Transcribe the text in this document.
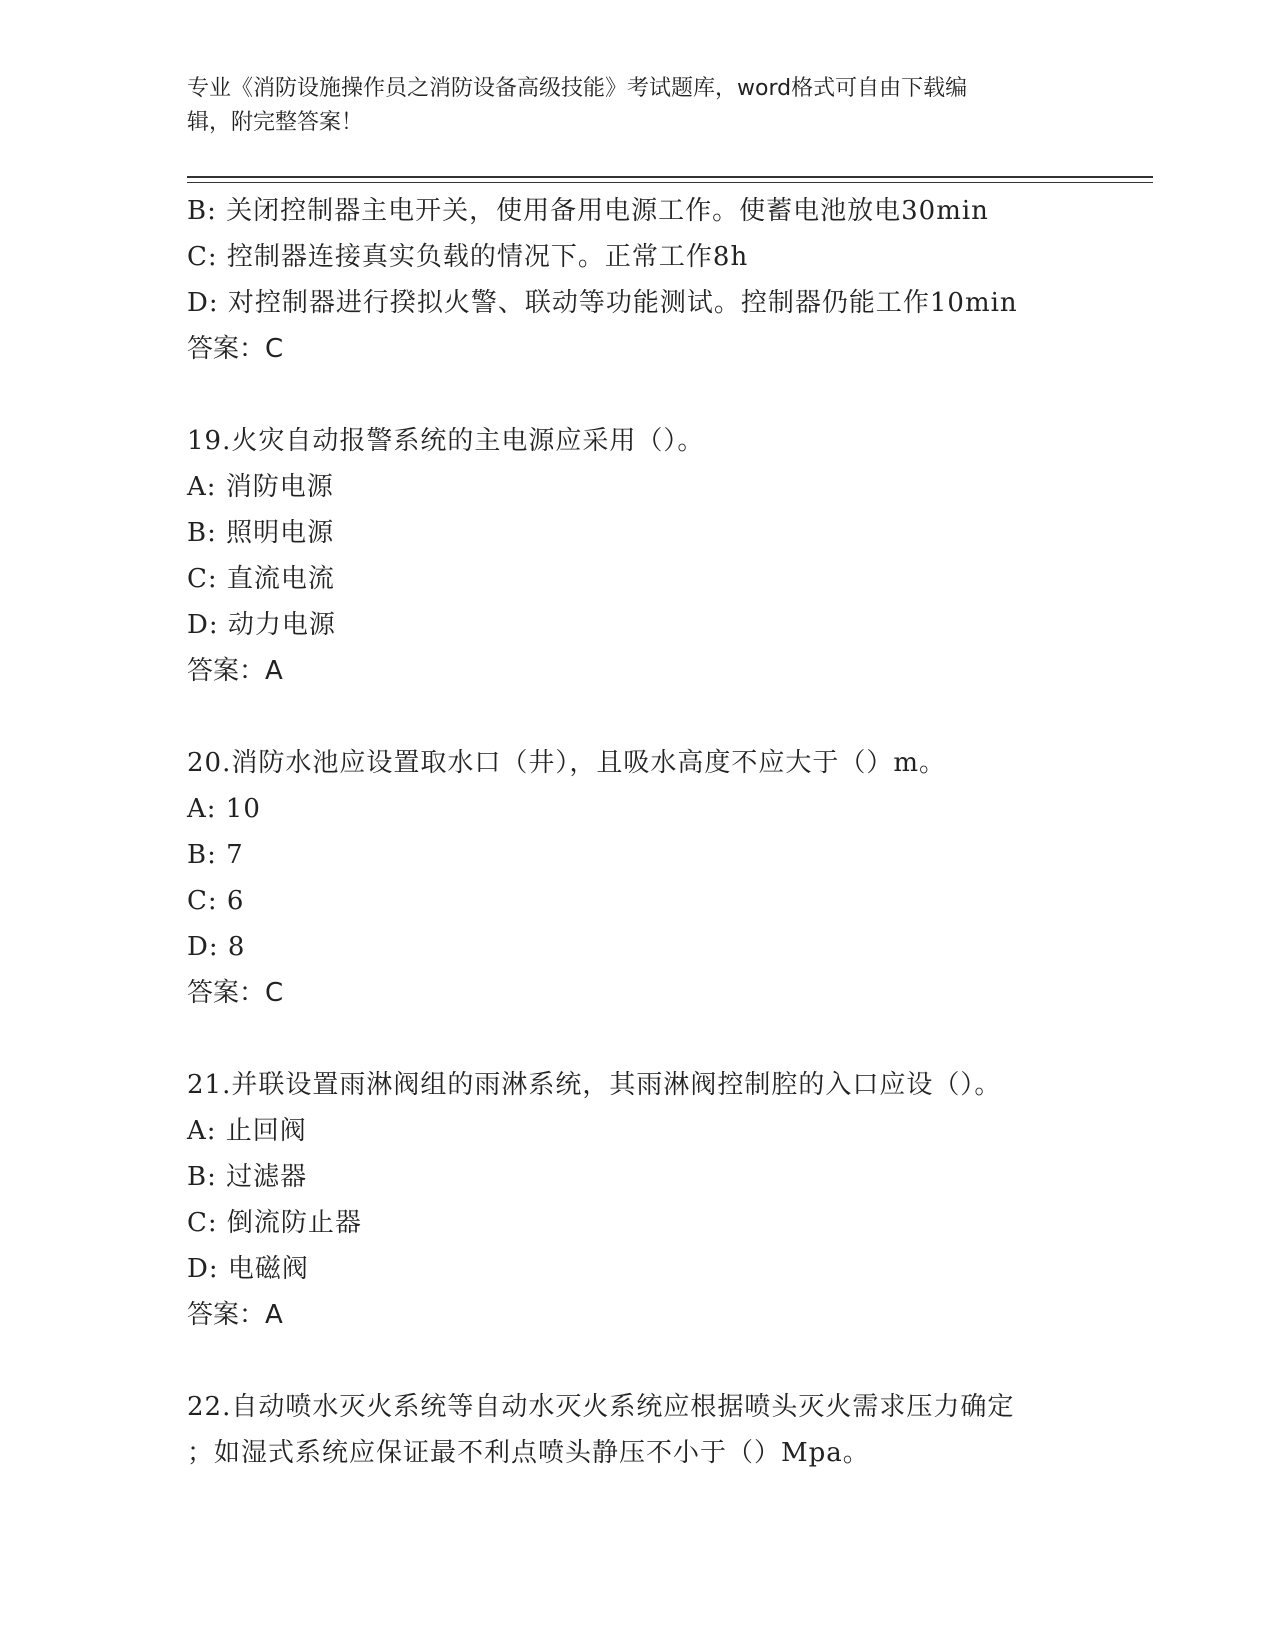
专业《消防设施操作员之消防设备高级技能》考试题库，word格式可自由下载编
辑，附完整答案！
B: 关闭控制器主电开关，使用备用电源工作。使蓄电池放电30min
C: 控制器连接真实负载的情况下。正常工作8h
D: 对控制器进行揆拟火警、联动等功能测试。控制器仍能工作10min
答案：C
19.火灾自动报警系统的主电源应采用（）。
A: 消防电源
B: 照明电源
C: 直流电流
D: 动力电源
答案：A
20.消防水池应设置取水口（井），且吸水高度不应大于（）m。
A: 10
B: 7
C: 6
D: 8
答案：C
21.并联设置雨淋阀组的雨淋系统，其雨淋阀控制腔的入口应设（）。
A: 止回阀
B: 过滤器
C: 倒流防止器
D: 电磁阀
答案：A
22.自动喷水灭火系统等自动水灭火系统应根据喷头灭火需求压力确定
；如湿式系统应保证最不利点喷头静压不小于（）Mpa。
